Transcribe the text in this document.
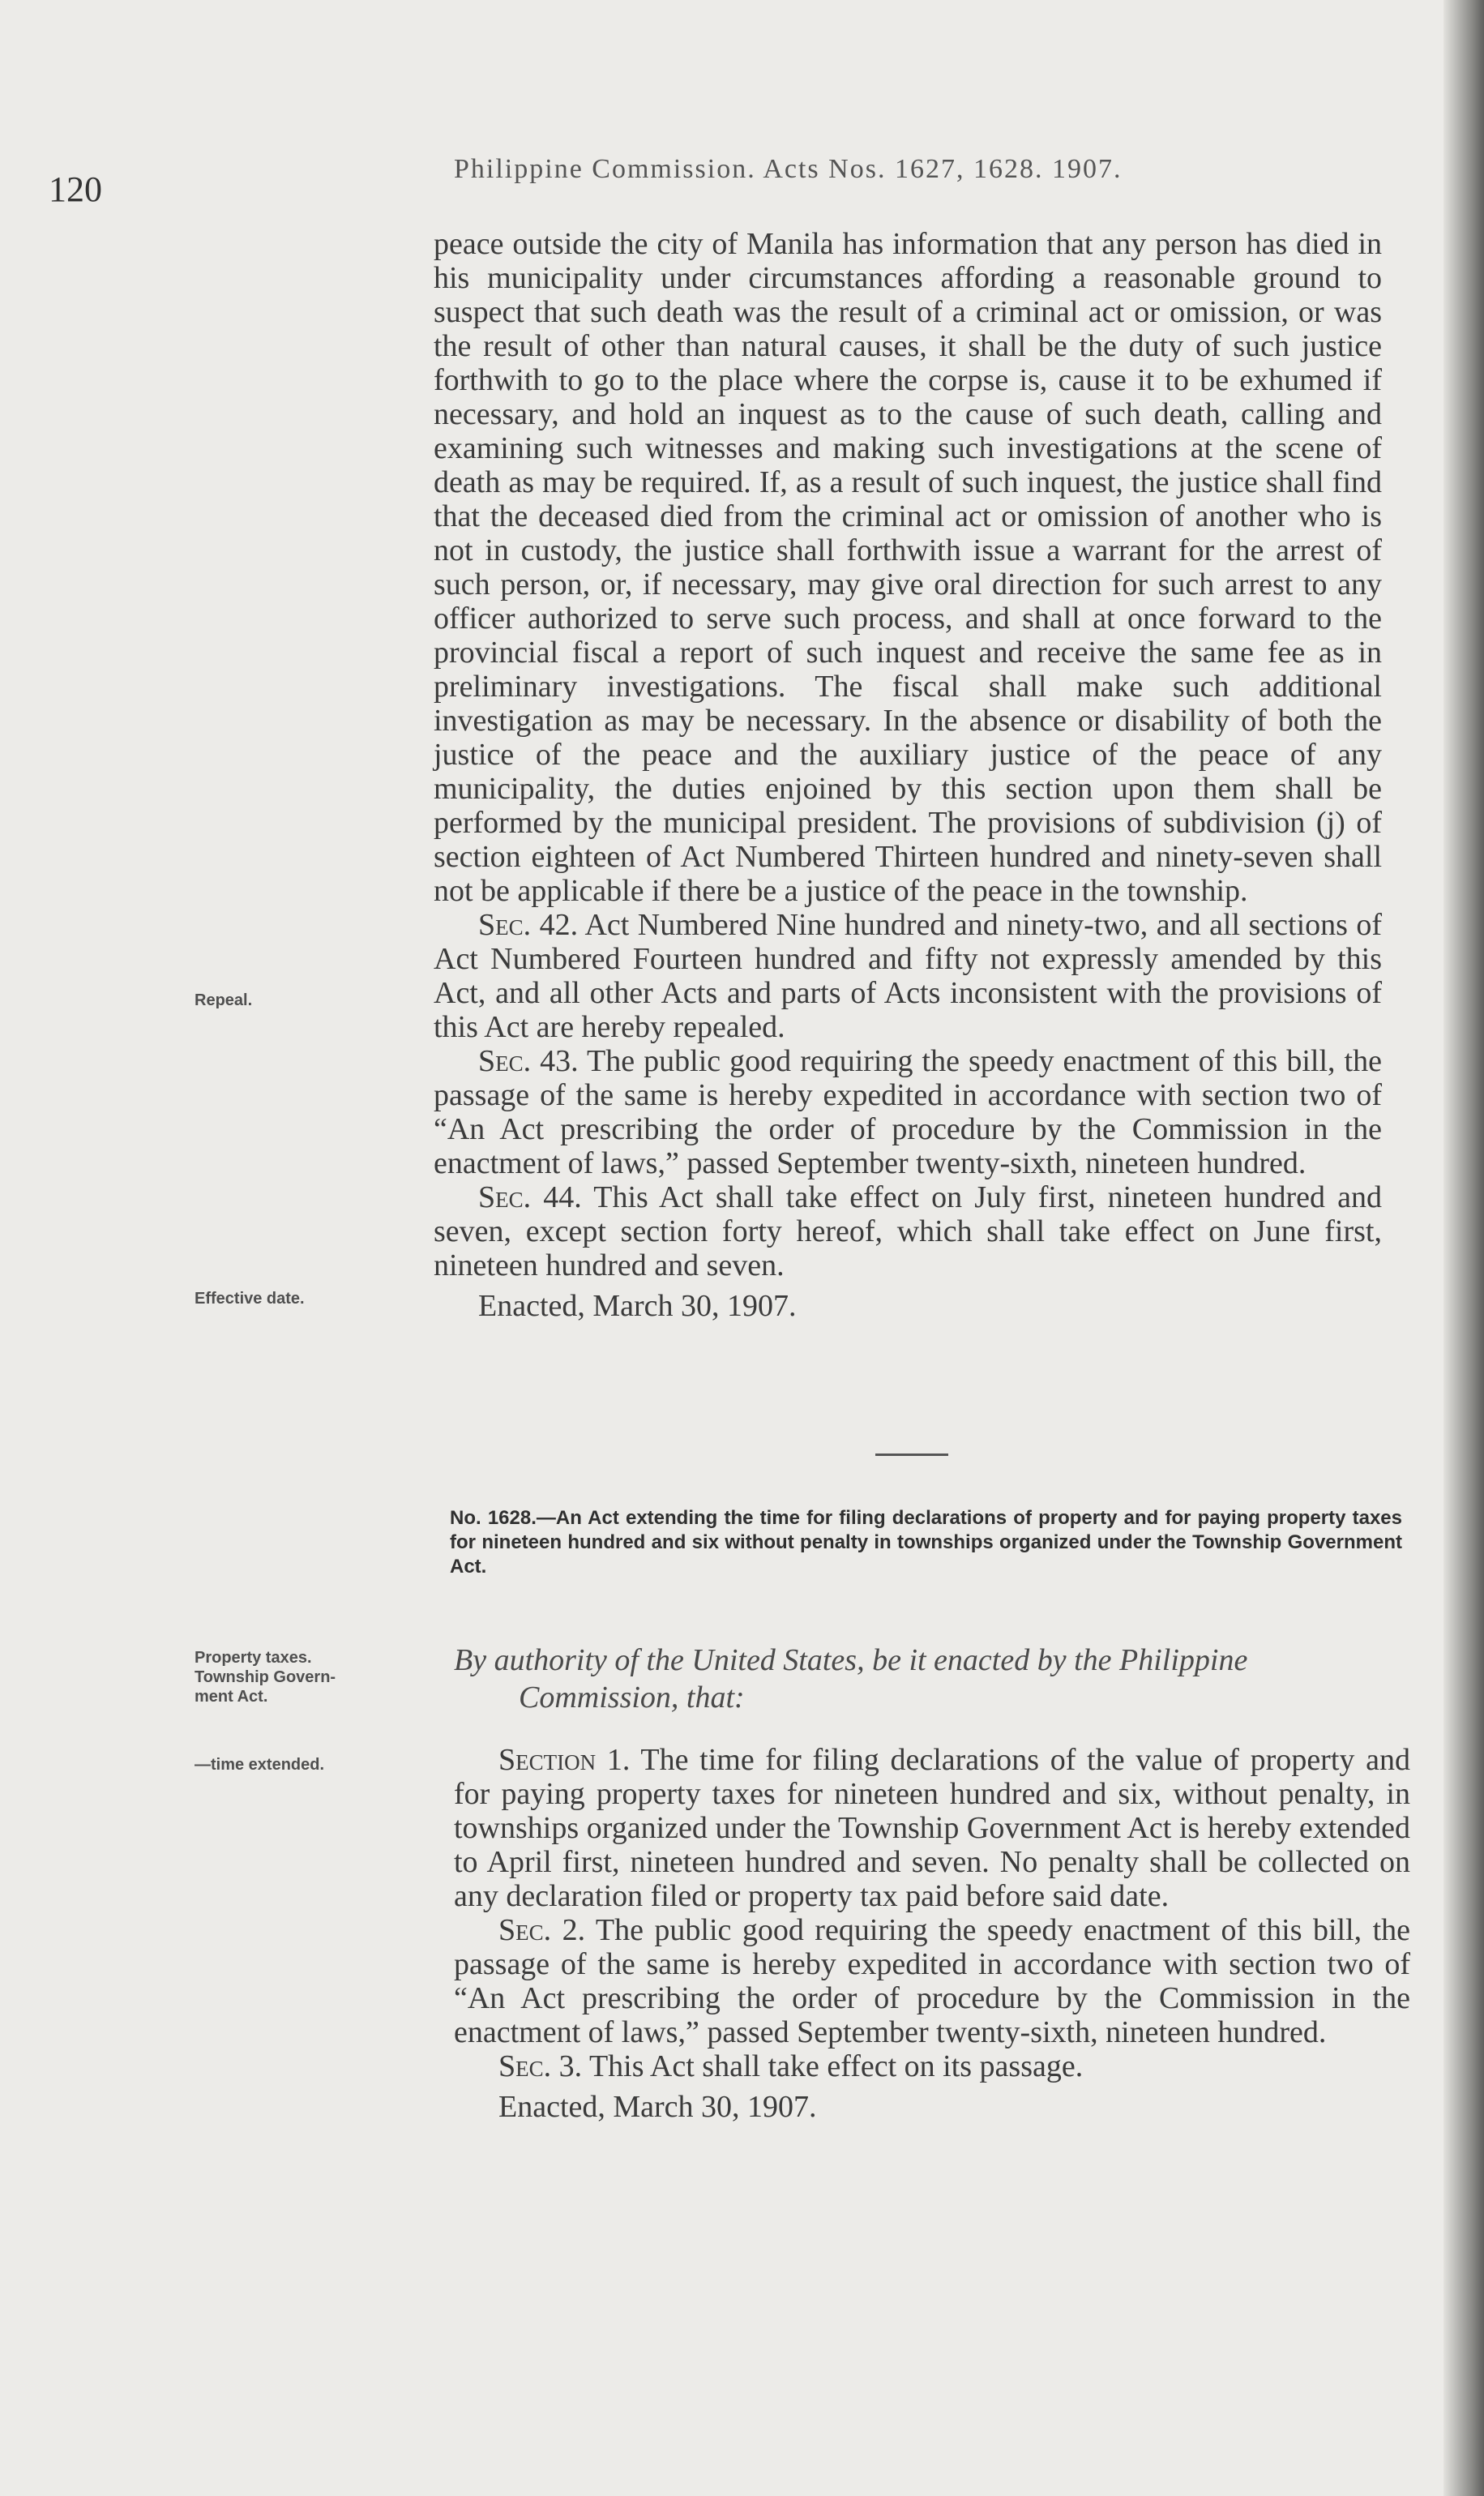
120
Philippine Commission. Acts Nos. 1627, 1628. 1907.

peace outside the city of Manila has information that any person has died in his municipality under circumstances affording a reasonable ground to suspect that such death was the result of a criminal act or omission, or was the result of other than natural causes, it shall be the duty of such justice forthwith to go to the place where the corpse is, cause it to be exhumed if necessary, and hold an inquest as to the cause of such death, calling and examining such witnesses and making such investigations at the scene of death as may be required. If, as a result of such inquest, the justice shall find that the deceased died from the criminal act or omission of another who is not in custody, the justice shall forthwith issue a warrant for the arrest of such person, or, if necessary, may give oral direction for such arrest to any officer authorized to serve such process, and shall at once forward to the provincial fiscal a report of such inquest and receive the same fee as in preliminary investigations. The fiscal shall make such additional investigation as may be necessary. In the absence or disability of both the justice of the peace and the auxiliary justice of the peace of any municipality, the duties enjoined by this section upon them shall be performed by the municipal president. The provisions of subdivision (j) of section eighteen of Act Numbered Thirteen hundred and ninety-seven shall not be applicable if there be a justice of the peace in the township.

Sec. 42. Act Numbered Nine hundred and ninety-two, and all sections of Act Numbered Fourteen hundred and fifty not expressly amended by this Act, and all other Acts and parts of Acts inconsistent with the provisions of this Act are hereby repealed.

Sec. 43. The public good requiring the speedy enactment of this bill, the passage of the same is hereby expedited in accordance with section two of “An Act prescribing the order of procedure by the Commission in the enactment of laws,” passed September twenty-sixth, nineteen hundred.

Sec. 44. This Act shall take effect on July first, nineteen hundred and seven, except section forty hereof, which shall take effect on June first, nineteen hundred and seven.

Enacted, March 30, 1907.

Repeal.
Effective date.
No. 1628.—An Act extending the time for filing declarations of property and for paying property taxes for nineteen hundred and six without penalty in townships organized under the Township Government Act.
Property taxes.
Township Govern-
ment Act.
By authority of the United States, be it enacted by the Philippine
Commission, that:
—time extended.	Section 1. The time for filing declarations of the value of property and for paying property taxes for nineteen hundred and six, without penalty, in townships organized under the Township Government Act is hereby extended to April first, nineteen hundred and seven. No penalty shall be collected on any declaration filed or property tax paid before said date.

Sec. 2. The public good requiring the speedy enactment of this bill, the passage of the same is hereby expedited in accordance with section two of “An Act prescribing the order of procedure by the Commission in the enactment of laws,” passed September twenty-sixth, nineteen hundred.

Sec. 3. This Act shall take effect on its passage.

Enacted, March 30, 1907.
